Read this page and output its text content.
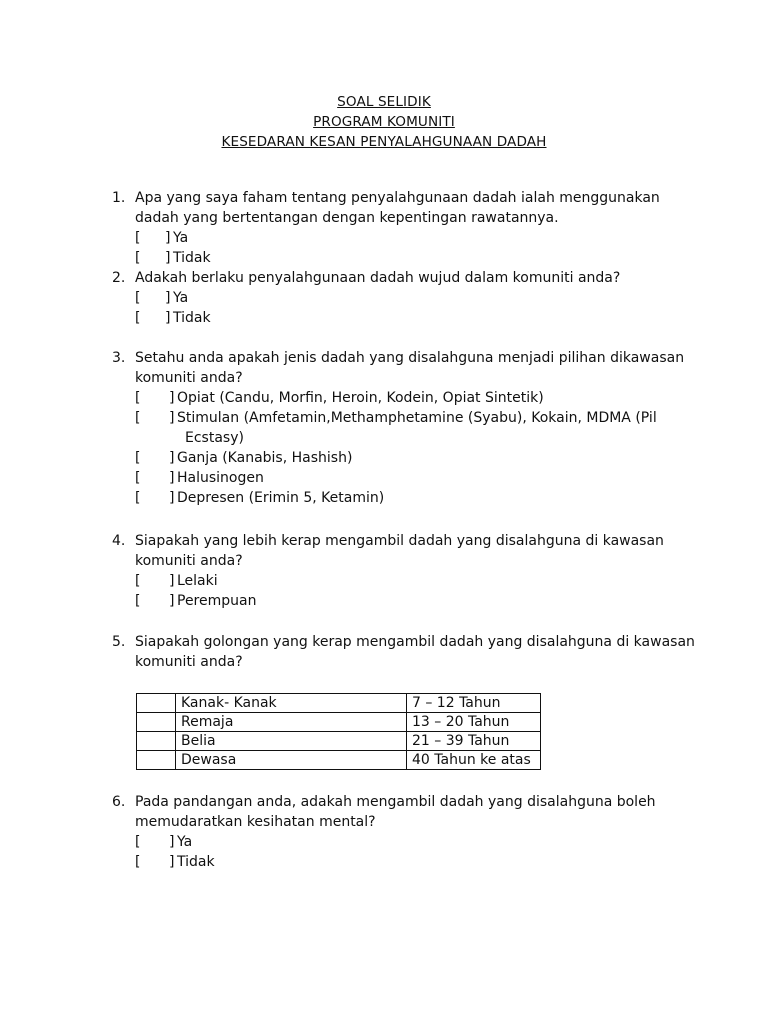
SOAL SELIDIK
PROGRAM KOMUNITI
KESEDARAN KESAN PENYALAHGUNAAN DADAH
1. Apa yang saya faham tentang penyalahgunaan dadah ialah menggunakan dadah yang bertentangan dengan kepentingan rawatannya.
[ ] Ya
[ ] Tidak
2. Adakah berlaku penyalahgunaan dadah wujud dalam komuniti anda?
[ ] Ya
[ ] Tidak
3. Setahu anda apakah jenis dadah yang disalahguna menjadi pilihan dikawasan komuniti anda?
[ ] Opiat (Candu, Morfin, Heroin, Kodein, Opiat Sintetik)
[ ] Stimulan (Amfetamin,Methamphetamine (Syabu), Kokain, MDMA (Pil
Ecstasy)
[ ] Ganja (Kanabis, Hashish)
[ ] Halusinogen
[ ] Depresen (Erimin 5, Ketamin)
4. Siapakah yang lebih kerap mengambil dadah yang disalahguna di kawasan komuniti anda?
[ ] Lelaki
[ ] Perempuan
5. Siapakah golongan yang kerap mengambil dadah yang disalahguna di kawasan komuniti anda?
	Kanak- Kanak	7 – 12 Tahun
	Remaja	13 – 20 Tahun
	Belia	21 – 39 Tahun
	Dewasa	40 Tahun ke atas
6. Pada pandangan anda, adakah mengambil dadah yang disalahguna boleh memudaratkan kesihatan mental?
[ ] Ya
[ ] Tidak
